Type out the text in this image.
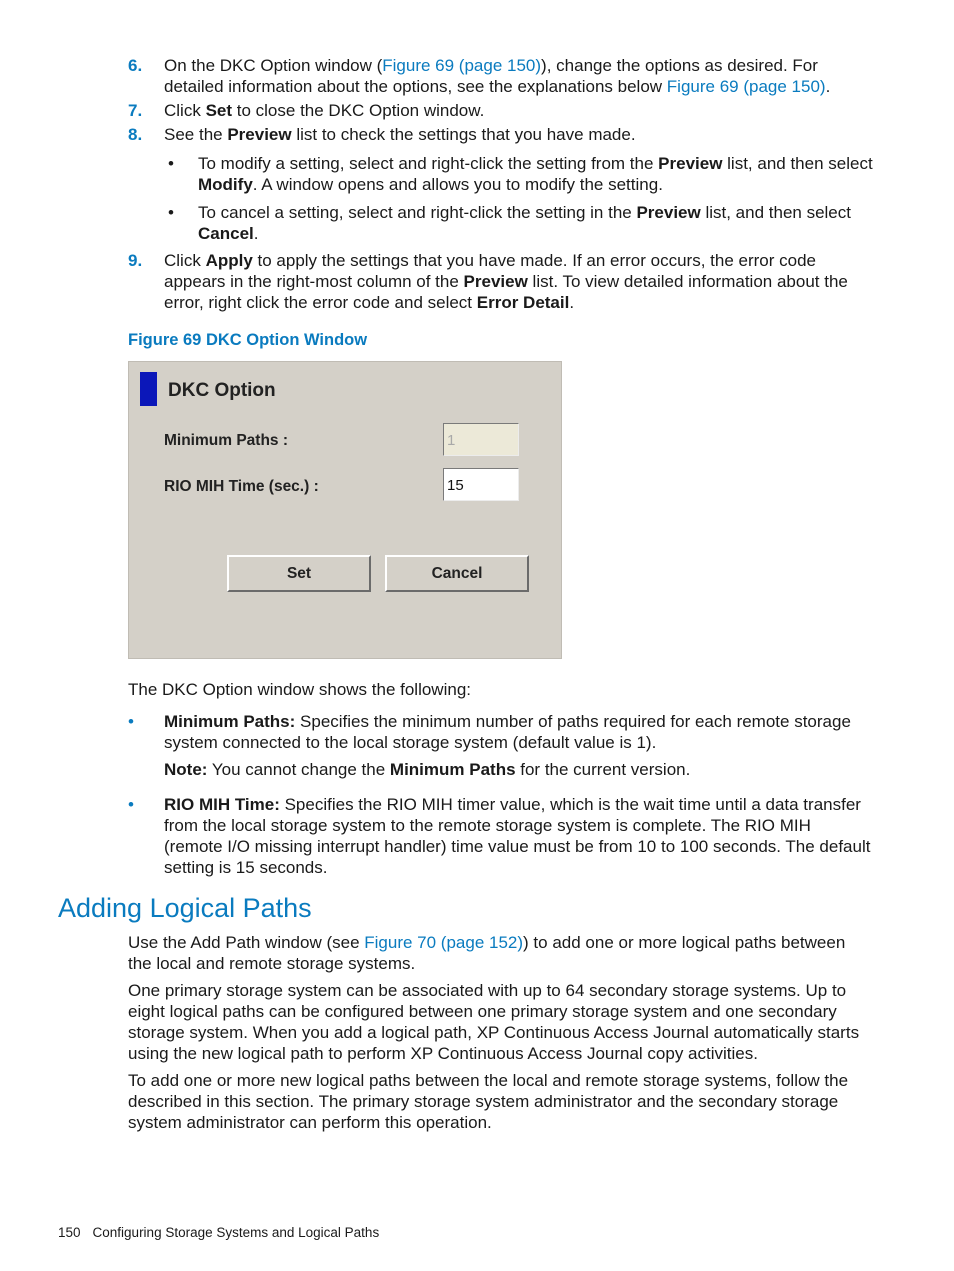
6.	On the DKC Option window (Figure 69 (page 150)), change the options as desired. For detailed information about the options, see the explanations below Figure 69 (page 150).
7.	Click Set to close the DKC Option window.
8.	See the Preview list to check the settings that you have made.
• To modify a setting, select and right-click the setting from the Preview list, and then select Modify. A window opens and allows you to modify the setting.
• To cancel a setting, select and right-click the setting in the Preview list, and then select Cancel.
9.	Click Apply to apply the settings that you have made. If an error occurs, the error code appears in the right-most column of the Preview list. To view detailed information about the error, right click the error code and select Error Detail.
Figure 69 DKC Option Window
DKC Option
Minimum Paths :	1
RIO MIH Time (sec.) :	15
Set	Cancel
The DKC Option window shows the following:
• Minimum Paths: Specifies the minimum number of paths required for each remote storage system connected to the local storage system (default value is 1).
Note: You cannot change the Minimum Paths for the current version.
• RIO MIH Time: Specifies the RIO MIH timer value, which is the wait time until a data transfer from the local storage system to the remote storage system is complete. The RIO MIH (remote I/O missing interrupt handler) time value must be from 10 to 100 seconds. The default setting is 15 seconds.
Adding Logical Paths
Use the Add Path window (see Figure 70 (page 152)) to add one or more logical paths between the local and remote storage systems.
One primary storage system can be associated with up to 64 secondary storage systems. Up to eight logical paths can be configured between one primary storage system and one secondary storage system. When you add a logical path, XP Continuous Access Journal automatically starts using the new logical path to perform XP Continuous Access Journal copy activities.
To add one or more new logical paths between the local and remote storage systems, follow the described in this section. The primary storage system administrator and the secondary storage system administrator can perform this operation.
150 Configuring Storage Systems and Logical Paths
